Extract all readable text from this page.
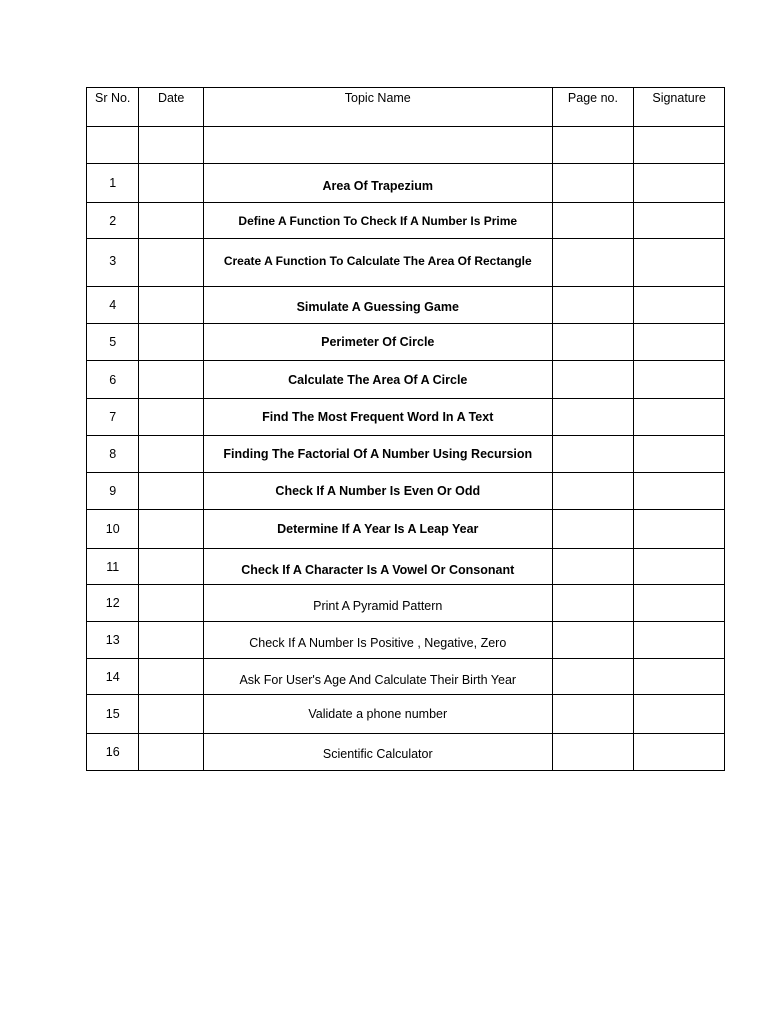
Sr No.	Date	Topic Name	Page no.	Signature

1		Area Of Trapezium		
2		Define A Function To Check If A Number Is Prime		
3		Create A Function To Calculate The Area Of Rectangle		
4		Simulate A Guessing Game		
5		Perimeter Of Circle		
6		Calculate The Area Of A Circle		
7		Find The Most Frequent Word In A Text		
8		Finding The Factorial Of A Number Using Recursion		
9		Check If A Number Is Even Or Odd		
10		Determine If A Year Is A Leap Year		
11		Check If A Character Is A Vowel Or Consonant		
12		Print A Pyramid Pattern		
13		Check If A Number Is Positive , Negative, Zero		
14		Ask For User's Age And Calculate Their Birth Year		
15		Validate a phone number		
16		Scientific Calculator		
